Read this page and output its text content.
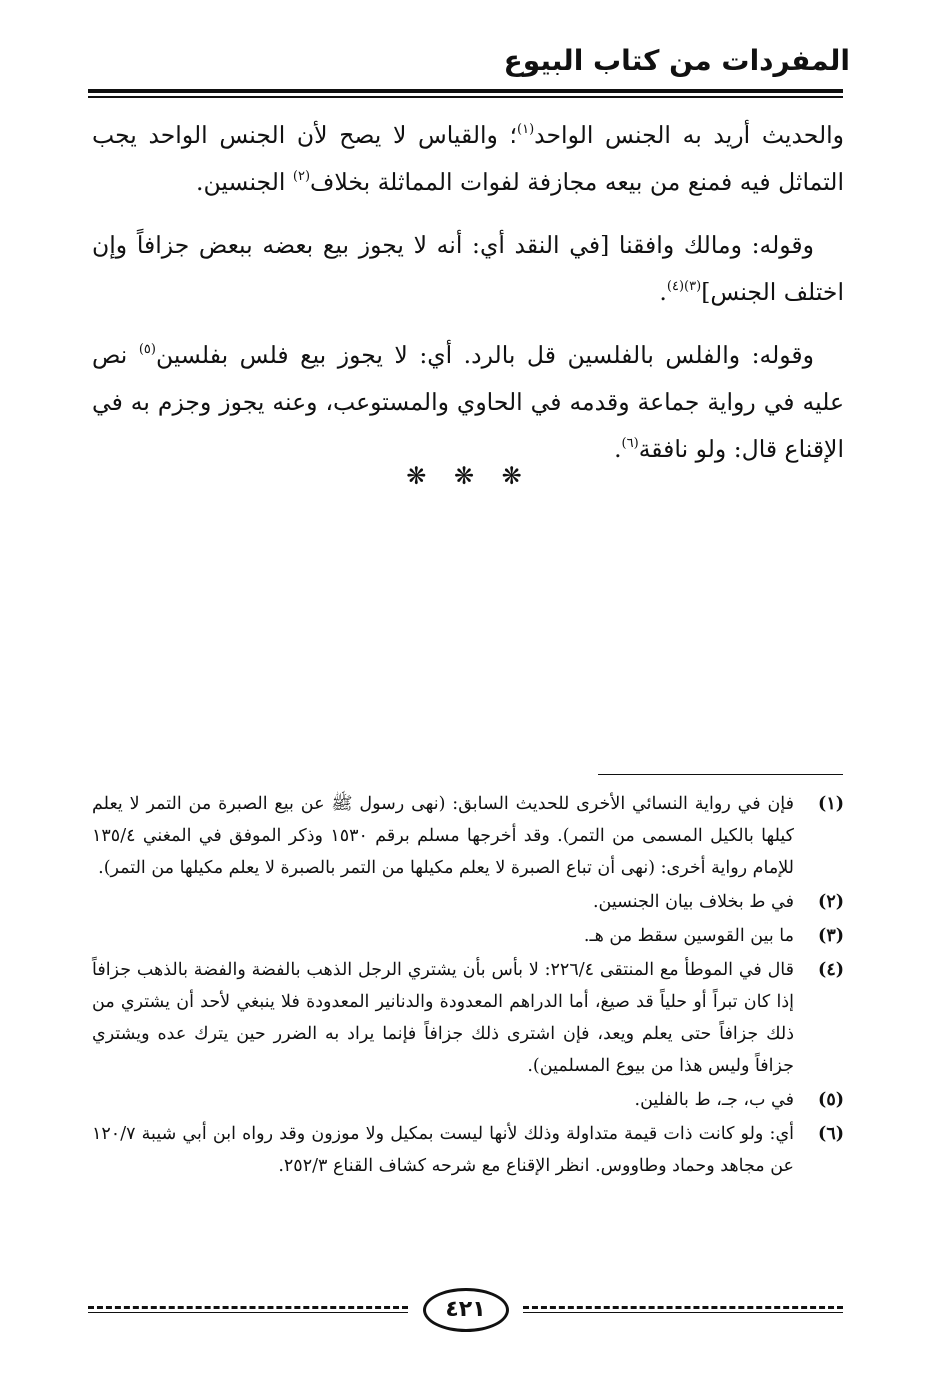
المفردات من كتاب البيوع

والحديث أريد به الجنس الواحد$^{(١)}$؛ والقياس لا يصح لأن الجنس الواحد يجب التماثل فيه فمنع من بيعه مجازفة لفوات المماثلة بخلاف$^{(٢)}$ الجنسين.

وقوله: ومالك وافقنا [في النقد أي: أنه لا يجوز بيع بعضه ببعض جزافاً وإن اختلف الجنس]$^{(٣)(٤)}$.

وقوله: والفلس بالفلسين قل بالرد. أي: لا يجوز بيع فلس بفلسين$^{(٥)}$ نص عليه في رواية جماعة وقدمه في الحاوي والمستوعب، وعنه يجوز وجزم به في الإقناع قال: ولو نافقة$^{(٦)}$.

❋ ❋ ❋
(١)
فإن في رواية النسائي الأخرى للحديث السابق: (نهى رسول ﷺ عن بيع الصبرة من التمر لا يعلم كيلها بالكيل المسمى من التمر). وقد أخرجها مسلم برقم ١٥٣٠ وذكر الموفق في المغني ١٣٥/٤ للإمام رواية أخرى: (نهى أن تباع الصبرة لا يعلم مكيلها من التمر بالصبرة لا يعلم مكيلها من التمر).
(٢)
في ط بخلاف بيان الجنسين.
(٣)
ما بين القوسين سقط من هـ.
(٤)
قال في الموطأ مع المنتقى ٢٢٦/٤: لا بأس بأن يشتري الرجل الذهب بالفضة والفضة بالذهب جزافاً إذا كان تبراً أو حلياً قد صيغ، أما الدراهم المعدودة والدنانير المعدودة فلا ينبغي لأحد أن يشتري من ذلك جزافاً حتى يعلم ويعد، فإن اشترى ذلك جزافاً فإنما يراد به الضرر حين يترك عده ويشتري جزافاً وليس هذا من بيوع المسلمين).
(٥)
في ب، جـ، ط بالفلين.
(٦)
أي: ولو كانت ذات قيمة متداولة وذلك لأنها ليست بمكيل ولا موزون وقد رواه ابن أبي شيبة ١٢٠/٧ عن مجاهد وحماد وطاووس. انظر الإقناع مع شرحه كشاف القناع ٢٥٢/٣.
٤٢١
